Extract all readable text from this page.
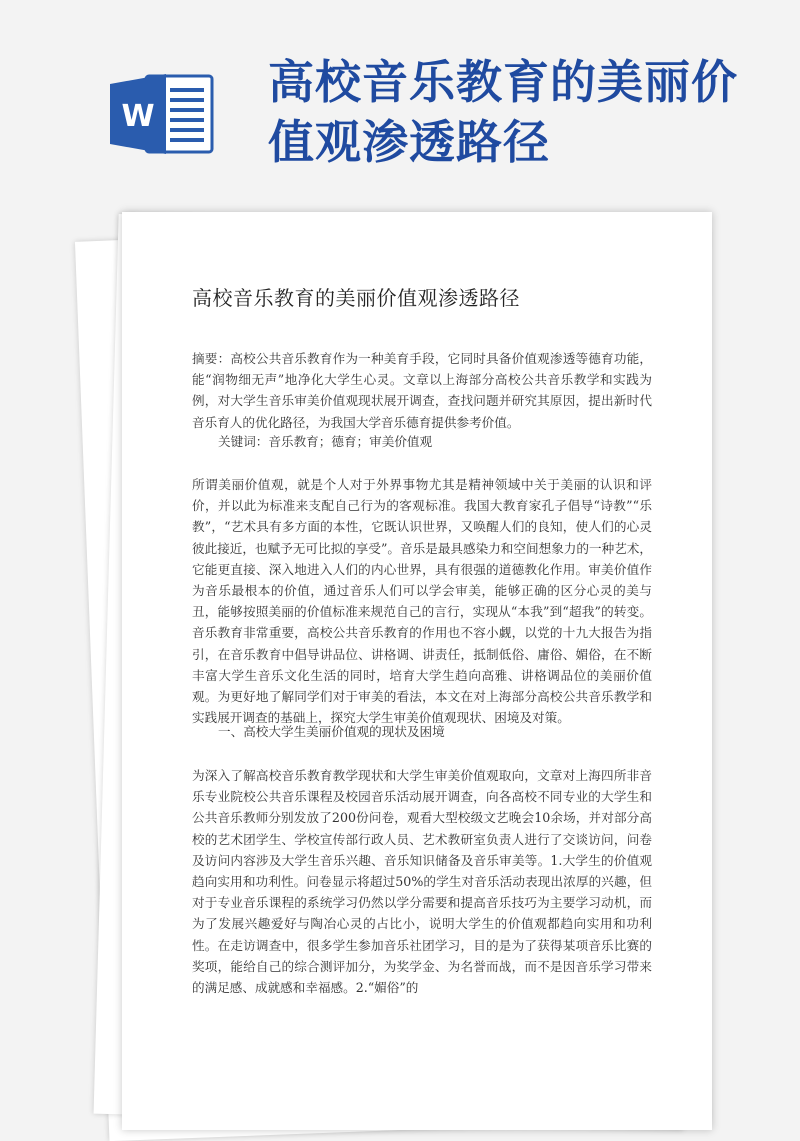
W
高校音乐教育的美丽价值观渗透路径
高校音乐教育的美丽价值观渗透路径

摘要：高校公共音乐教育作为一种美育手段，它同时具备价值观渗透等德育功能，能“润物细无声”地净化大学生心灵。文章以上海部分高校公共音乐教学和实践为例，对大学生音乐审美价值观现状展开调查，查找问题并研究其原因，提出新时代音乐育人的优化路径，为我国大学音乐德育提供参考价值。

关键词：音乐教育；德育；审美价值观

所谓美丽价值观，就是个人对于外界事物尤其是精神领域中关于美丽的认识和评价，并以此为标准来支配自己行为的客观标准。我国大教育家孔子倡导“诗教”“乐教”，“艺术具有多方面的本性，它既认识世界，又唤醒人们的良知，使人们的心灵彼此接近，也赋予无可比拟的享受”。音乐是最具感染力和空间想象力的一种艺术，它能更直接、深入地进入人们的内心世界，具有很强的道德教化作用。审美价值作为音乐最根本的价值，通过音乐人们可以学会审美，能够正确的区分心灵的美与丑，能够按照美丽的价值标准来规范自己的言行，实现从“本我”到“超我”的转变。音乐教育非常重要，高校公共音乐教育的作用也不容小觑，以党的十九大报告为指引，在音乐教育中倡导讲品位、讲格调、讲责任，抵制低俗、庸俗、媚俗，在不断丰富大学生音乐文化生活的同时，培育大学生趋向高雅、讲格调品位的美丽价值观。为更好地了解同学们对于审美的看法，本文在对上海部分高校公共音乐教学和实践展开调查的基础上，探究大学生审美价值观现状、困境及对策。

一、高校大学生美丽价值观的现状及困境

为深入了解高校音乐教育教学现状和大学生审美价值观取向，文章对上海四所非音乐专业院校公共音乐课程及校园音乐活动展开调查，向各高校不同专业的大学生和公共音乐教师分别发放了200份问卷，观看大型校级文艺晚会10余场，并对部分高校的艺术团学生、学校宣传部行政人员、艺术教研室负责人进行了交谈访问，问卷及访问内容涉及大学生音乐兴趣、音乐知识储备及音乐审美等。1.大学生的价值观趋向实用和功利性。问卷显示将超过50%的学生对音乐活动表现出浓厚的兴趣，但对于专业音乐课程的系统学习仍然以学分需要和提高音乐技巧为主要学习动机，而为了发展兴趣爱好与陶冶心灵的占比小，说明大学生的价值观都趋向实用和功利性。在走访调查中，很多学生参加音乐社团学习，目的是为了获得某项音乐比赛的奖项，能给自己的综合测评加分，为奖学金、为名誉而战，而不是因音乐学习带来的满足感、成就感和幸福感。2.“媚俗”的
